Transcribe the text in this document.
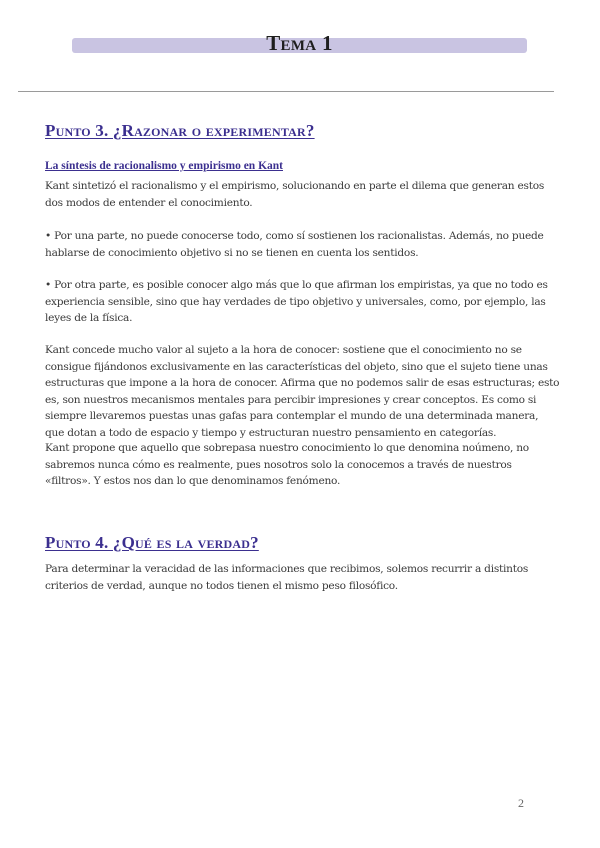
Tema 1
Punto 3. ¿Razonar o experimentar?
La síntesis de racionalismo y empirismo en Kant

Kant sintetizó el racionalismo y el empirismo, solucionando en parte el dilema que generan estos dos modos de entender el conocimiento.

• Por una parte, no puede conocerse todo, como sí sostienen los racionalistas. Además, no puede hablarse de conocimiento objetivo si no se tienen en cuenta los sentidos.

• Por otra parte, es posible conocer algo más que lo que afirman los empiristas, ya que no todo es experiencia sensible, sino que hay verdades de tipo objetivo y universales, como, por ejemplo, las leyes de la física.

Kant concede mucho valor al sujeto a la hora de conocer: sostiene que el conocimiento no se consigue fijándonos exclusivamente en las características del objeto, sino que el sujeto tiene unas estructuras que impone a la hora de conocer. Afirma que no podemos salir de esas estructuras; esto es, son nuestros mecanismos mentales para percibir impresiones y crear conceptos. Es como si siempre llevaremos puestas unas gafas para contemplar el mundo de una determinada manera, que dotan a todo de espacio y tiempo y estructuran nuestro pensamiento en categorías.

Kant propone que aquello que sobrepasa nuestro conocimiento lo que denomina noúmeno, no sabremos nunca cómo es realmente, pues nosotros solo la conocemos a través de nuestros «filtros». Y estos nos dan lo que denominamos fenómeno.

Punto 4. ¿Qué es la verdad?

Para determinar la veracidad de las informaciones que recibimos, solemos recurrir a distintos criterios de verdad, aunque no todos tienen el mismo peso filosófico.

2
